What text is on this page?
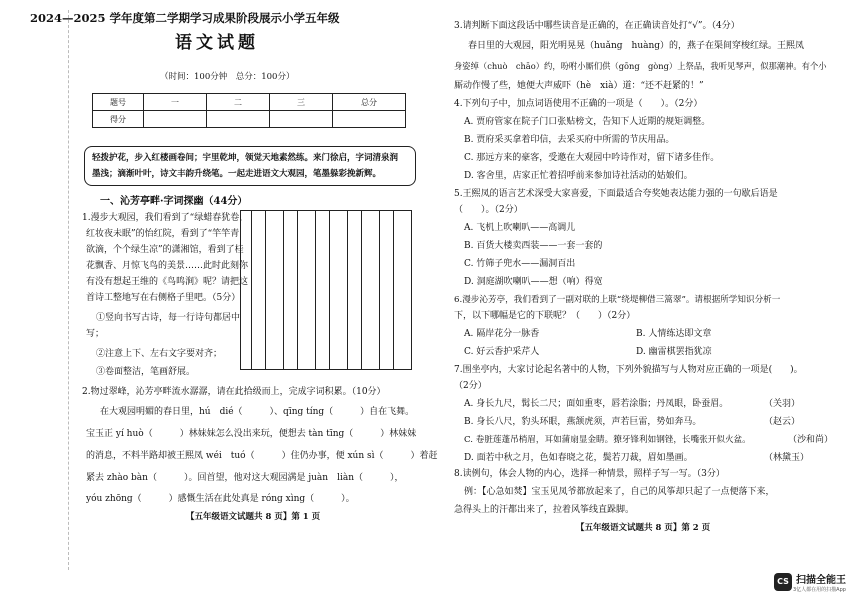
2024—2025 学年度第二学期学习成果阶段展示小学五年级
语文试题
（时间：100分钟　总分：100分）
题号	一	二	三	总分
得分				
轻拨护花，步入红楼画卷间；宇里乾坤，领觉天地素然练。来门徐启，字词清泉润
墨浅；滴渐叶叶，诗文丰韵升绕笔。一起走进语文大观园，笔墨躲彩挽新辉。
一、沁芳亭畔·字词探幽（44分）
1.漫步大观园，我们看到了“绿蜡春犹卷，
红妆夜未眠”的怡红院，看到了“竿竿青
欲滴，个个绿生凉”的潇湘馆，看到了桂
花飘香、月惊飞鸟的美景……此时此刻你
有没有想起王维的《鸟鸣涧》呢？请把这
首诗工整地写在右侧格子里吧。（5分）
①竖向书写古诗，每一行诗句都居中
写；
②注意上下、左右文字要对齐；
③卷面整洁，笔画舒展。
2.物过翠峰，沁芳亭畔流水潺潺，请在此拾级而上，完成字词积累。（10分）
在大观园明媚的春日里，hú　dié（　　　）、qīng tíng（　　　）自在飞舞。
宝玉正 yí huò（　　　）林妹妹怎么没出来玩，便想去 tàn tīng（　　　）林妹妹
的消息，不料半路却被王熙凤 wéi　tuó（　　　）住仍办事，便 xún sì（　　　）着赶
紧去 zhào bàn（　　　）。回首望，他对这大观园满是 juàn　liàn（　　　），
yóu zhōng（　　　）感慨生活在此处真是 róng xìng（　　　）。
【五年级语文试题共 8 页】第 1 页
3.请判断下面这段话中哪些读音是正确的，在正确读音处打“√”。（4分）
春日里的大观园，阳光明晃晃（huǎng　huàng）的，燕子在渠间穿梭红绿。王熙凤
身姿绰（chuò　chāo）约，吩咐小厮们供（gōng　gòng）上祭品，我听见琴声，似那潮神。有个小
厮动作慢了些，她便大声威吓（hè　xià）道：“还不赶紧的！”
4.下列句子中，加点词语使用不正确的一项是（　　）。（2分）
A. 贾府管家在院子门口张贴榜文，告知下人近期的规矩调整。
B. 贾府采买拿着印信，去采买府中所需的节庆用品。
C. 那远方来的豪客，受邀在大观园中吟诗作对，留下诸多佳作。
D. 客舍里，店家正忙着招呼前来参加诗社活动的姑娘们。
5.王熙凤的语言艺术深受大家喜爱，下面最适合夸奖她表达能力强的一句歇后语是
（　　）。（2分）
A. 飞机上吹喇叭——高调儿
B. 百货大楼卖西装——一套一套的
C. 竹筛子兜水——漏洞百出
D. 洞庭湖吹喇叭——想（响）得宽
6.漫步沁芳亭，我们看到了一副对联的上联“绕堤柳借三篙翠”。请根据所学知识分析一
下，以下哪幅是它的下联呢？（　　）（2分）
A. 隔岸花分一脉香	B. 人情练达即文章
C. 好云香护采芹人	D. 幽雷棋罢指犹凉
7.围坐亭内，大家讨论起名著中的人物，下列外貌描写与人物对应正确的一项是(　　)。
（2分）
A. 身长九尺，髯长二尺；面如重枣，唇若涂脂；丹凤眼，卧蚕眉。	（关羽）
B. 身长八尺，豹头环眼，燕颔虎须，声若巨雷，势如奔马。	（赵云）
C. 卷脏莲蓬吊梢眉，耳如蒲扇显金睛。獠牙锋利如钢锉，长嘴张开似火盆。	（沙和尚）
D. 面若中秋之月，色如春晓之花，鬓若刀裁，眉如墨画。	（林黛玉）
8.读例句，体会人物的内心，选择一种情景，照样子写一写。（3分）
例：【心急如焚】宝玉见凤爷都放起来了，自己的风筝却只起了一点便落下来，
急得头上的汗都出来了，拉着风筝线直跺脚。
【五年级语文试题共 8 页】第 2 页
CS 扫描全能王
3亿人都在用的扫描App
